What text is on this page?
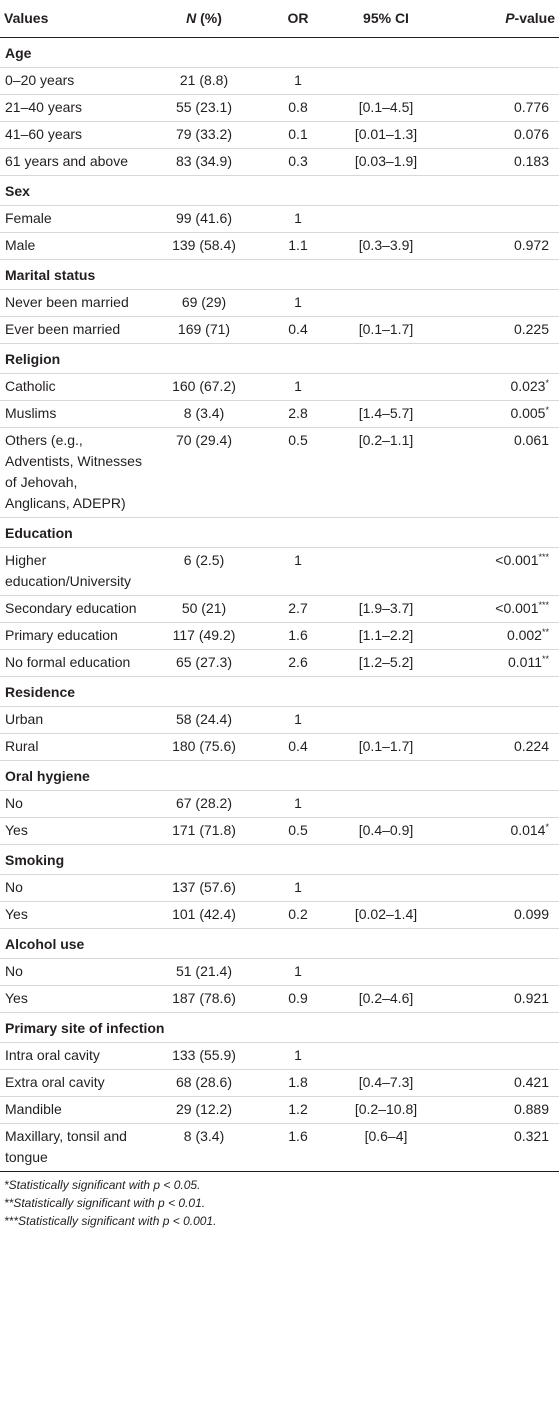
Values	N (%)	OR	95% CI	P-value
Age				
0–20 years	21 (8.8)	1		
21–40 years	55 (23.1)	0.8	[0.1–4.5]	0.776
41–60 years	79 (33.2)	0.1	[0.01–1.3]	0.076
61 years and above	83 (34.9)	0.3	[0.03–1.9]	0.183
Sex				
Female	99 (41.6)	1		
Male	139 (58.4)	1.1	[0.3–3.9]	0.972
Marital status				
Never been married	69 (29)	1		
Ever been married	169 (71)	0.4	[0.1–1.7]	0.225
Religion				
Catholic	160 (67.2)	1		0.023*
Muslims	8 (3.4)	2.8	[1.4–5.7]	0.005*
Others (e.g., Adventists, Witnesses of Jehovah, Anglicans, ADEPR)	70 (29.4)	0.5	[0.2–1.1]	0.061
Education				
Higher education/University	6 (2.5)	1		<0.001***
Secondary education	50 (21)	2.7	[1.9–3.7]	<0.001***
Primary education	117 (49.2)	1.6	[1.1–2.2]	0.002**
No formal education	65 (27.3)	2.6	[1.2–5.2]	0.011**
Residence				
Urban	58 (24.4)	1		
Rural	180 (75.6)	0.4	[0.1–1.7]	0.224
Oral hygiene				
No	67 (28.2)	1		
Yes	171 (71.8)	0.5	[0.4–0.9]	0.014*
Smoking				
No	137 (57.6)	1		
Yes	101 (42.4)	0.2	[0.02–1.4]	0.099
Alcohol use				
No	51 (21.4)	1		
Yes	187 (78.6)	0.9	[0.2–4.6]	0.921
Primary site of infection				
Intra oral cavity	133 (55.9)	1		
Extra oral cavity	68 (28.6)	1.8	[0.4–7.3]	0.421
Mandible	29 (12.2)	1.2	[0.2–10.8]	0.889
Maxillary, tonsil and tongue	8 (3.4)	1.6	[0.6–4]	0.321
*Statistically significant with p < 0.05.
**Statistically significant with p < 0.01.
***Statistically significant with p < 0.001.
